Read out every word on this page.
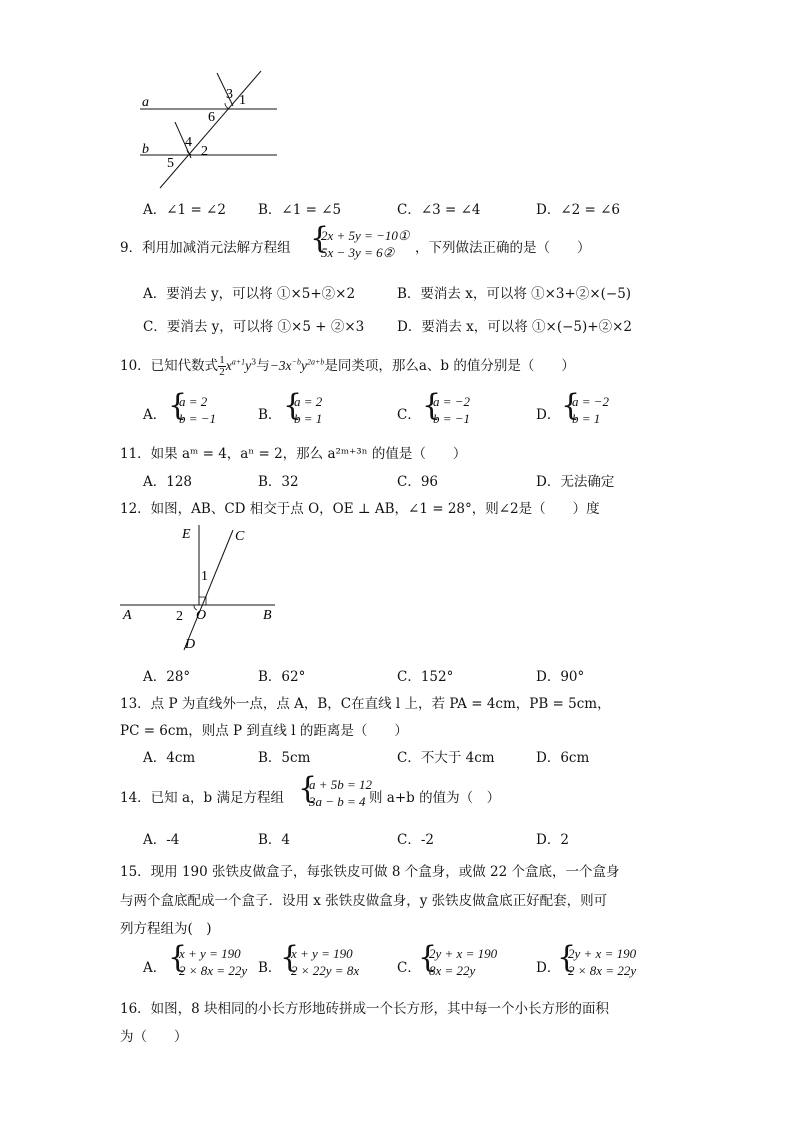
a
b
3 1
6
4
2
5
A．∠1 = ∠2 B．∠1 = ∠5	C．∠3 = ∠4	D．∠2 = ∠6
9．利用加减消元法解方程组 {
2x + 5y = −10①
5x − 3y = 6②	，下列做法正确的是（　　）
A．要消去 y，可以将 ①×5+②×2	B．要消去 x，可以将 ①×3+②×(−5)
C．要消去 y，可以将 ①×5 + ②×3 D．要消去 x，可以将 ①×(−5)+②×2
10．已知代数式 $\frac{1}{2} x^{a+1}y^3$与$-3x^{-b}y^{2a+b}$是同类项，那么a、b 的值分别是（　　）
A． {
a = 2
b = −1	B． {
a = 2
b = 1	C． {
a = −2
b = −1	D． {
a = −2
b = 1
11．如果 aᵐ = 4，aⁿ = 2，那么 a²ᵐ⁺³ⁿ 的值是（　　）
A．128	B．32	C．96	D．无法确定
12．如图，AB、CD 相交于点 O，OE ⊥ AB，∠1 = 28°，则∠2是（　　）度
E	C
1
A	2 O	B
D
A．28°	B．62°	C．152°	D．90°
13．点 P 为直线外一点，点 A，B，C在直线 l 上，若 PA = 4cm，PB = 5cm，
PC = 6cm，则点 P 到直线 l 的距离是（　　）
A．4cm	B．5cm	C．不大于 4cm	D．6cm
14．已知 a，b 满足方程组 {
a + 5b = 12
3a − b = 4 则 a+b 的值为（　）
A．-4	B．4	C．-2	D．2
15．现用 190 张铁皮做盒子，每张铁皮可做 8 个盒身，或做 22 个盒底，一个盒身
与两个盒底配成一个盒子．设用 x 张铁皮做盒身，y 张铁皮做盒底正好配套，则可
列方程组为(　)
A． {
x + y = 190
2 × 8x = 22y B．
{
x + y = 190
2 × 22y = 8x	C．
{
2y + x = 190
8x = 22y	D．
{
2y + x = 190
2 × 8x = 22y
16．如图，8 块相同的小长方形地砖拼成一个长方形，其中每一个小长方形的面积
为（　　）
